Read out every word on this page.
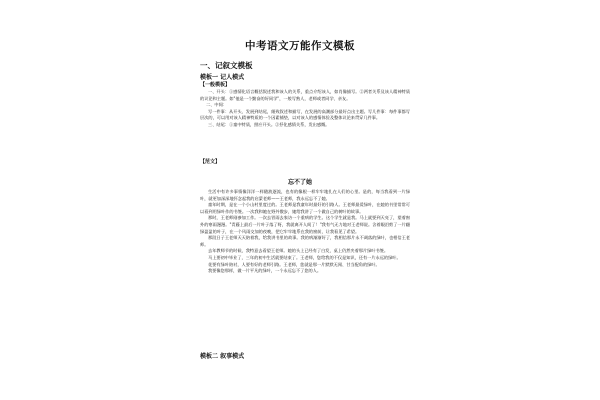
中考语文万能作文模板
一、记叙文模板
模板一 记人模式
【一般模板】

一、开头：①感情化语言概括叙述我和该人的关系，重点介绍该人，如肖像描写。②两者关系及该人精神特质的议论和主题。如"他是一个勤奋的好同学"，一般写熟人，老师或者同学、亲友。

二、中间：

写一件事：从开头、发展到结尾，细致叙述和描写，在发展的高潮部分最好点出主题。写几件事：每件事都写层次的，可以用对该人精神特质的一个因素铺垫，以对该人的感情体验及整体议论来贯穿几件事。

三、结尾：①童中特质，照应开头。②抒化感情关系，发出感慨。

【范文】
忘不了她

生活中有许多事情像洋洋一样随波逐流，也有的像根一样牢牢地扎在人们的心里。是的，每当我看到一片绿叶，就更加深深地怀念起我的启蒙老师——王老师，我永远忘不了她。

童年时期，是在一个小山村里度过的。王老师是我童年时最好的引路人。王老师最爱绿叶，在她的书里常常可以看到用绿叶作的书签。一次我和她在野外散步，她给我讲了一个做自己的树叶的故事。

那时，王老师刚参加工作。一次去冒雨去家访一个重病的学生。这个学生就是我。马上就要到天亮了，望着窗外的寒雨漫漫。"青藤上最后一片叶子落了呀，我就离开人间了！"我有气无力地对王老师说。含着眼泪剪了一片翻绿盈盈的叶子，在一个风雨交加的夜晚，把它牢牢地系在我的窗前，让我看见了希望。

那段日子王老师天天陪着我，给我讲书里的故事。我的病渐渐好了，我相信那片永不凋落的绿叶，也相信王老师。

去年教师节的时候，我特意去看望王老师。她的头上已经有了白发，桌上仍然夹着那片绿叶书签。

马上要初中毕业了，三年的初中生活就要结束了。王老师，您给我的不仅是知识，还有一片永远的绿叶。

花要有绿叶陪衬，人要有好的老师引路。王老师，您就是那一片默默无闻、甘当配角的绿叶。

我要像您那样，做一片平凡的绿叶，一个永远忘不了您的人。

模板二 叙事模式
